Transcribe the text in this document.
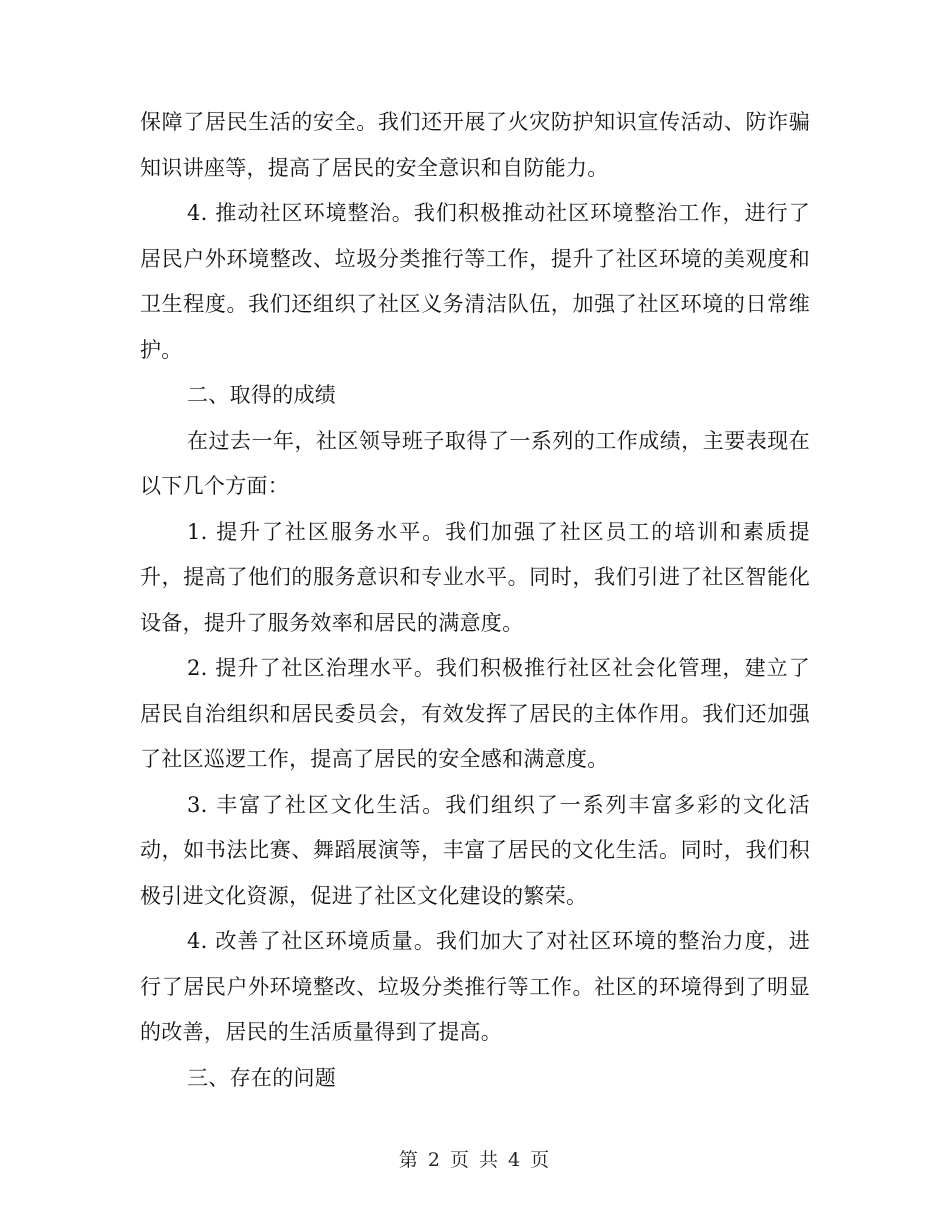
保障了居民生活的安全。我们还开展了火灾防护知识宣传活动、防诈骗知识讲座等，提高了居民的安全意识和自防能力。

4. 推动社区环境整治。我们积极推动社区环境整治工作，进行了居民户外环境整改、垃圾分类推行等工作，提升了社区环境的美观度和卫生程度。我们还组织了社区义务清洁队伍，加强了社区环境的日常维护。

二、取得的成绩

在过去一年，社区领导班子取得了一系列的工作成绩，主要表现在以下几个方面：

1. 提升了社区服务水平。我们加强了社区员工的培训和素质提升，提高了他们的服务意识和专业水平。同时，我们引进了社区智能化设备，提升了服务效率和居民的满意度。

2. 提升了社区治理水平。我们积极推行社区社会化管理，建立了居民自治组织和居民委员会，有效发挥了居民的主体作用。我们还加强了社区巡逻工作，提高了居民的安全感和满意度。

3. 丰富了社区文化生活。我们组织了一系列丰富多彩的文化活动，如书法比赛、舞蹈展演等，丰富了居民的文化生活。同时，我们积极引进文化资源，促进了社区文化建设的繁荣。

4. 改善了社区环境质量。我们加大了对社区环境的整治力度，进行了居民户外环境整改、垃圾分类推行等工作。社区的环境得到了明显的改善，居民的生活质量得到了提高。

三、存在的问题

第 2 页 共 4 页
